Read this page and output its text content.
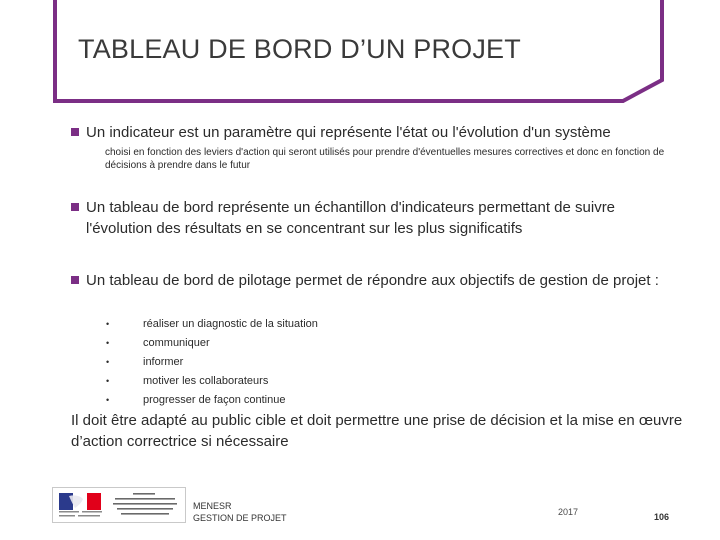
TABLEAU DE BORD D’UN PROJET
Un indicateur est un paramètre qui représente l'état ou l'évolution d'un système
choisi en fonction des leviers d'action qui seront utilisés pour prendre d'éventuelles mesures correctives et donc en fonction de décisions à prendre dans le futur
Un tableau de bord représente un échantillon d'indicateurs permettant de suivre l'évolution des résultats en se concentrant sur les plus significatifs
Un tableau de bord de pilotage permet de répondre aux objectifs de gestion de projet :
•	réaliser un diagnostic de la situation
•	communiquer
•	informer
•	motiver les collaborateurs
•	progresser de façon continue
Il doit être adapté au public cible et doit permettre une prise de décision et la mise en œuvre d’action correctrice si nécessaire
MENESR
GESTION DE PROJET
2017	106
